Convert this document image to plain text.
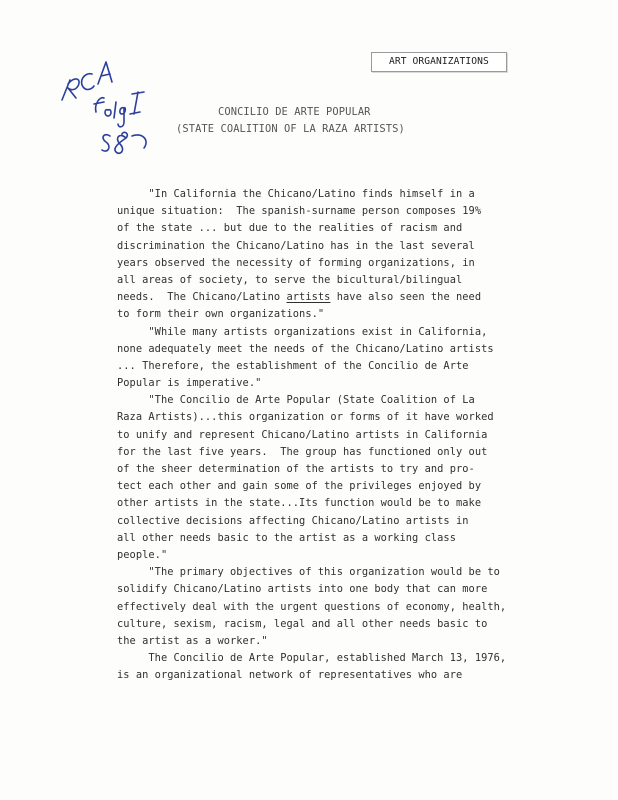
ART ORGANIZATIONS
CONCILIO DE ARTE POPULAR
(STATE COALITION OF LA RAZA ARTISTS)
"In California the Chicano/Latino finds himself in a
unique situation:  The spanish-surname person composes 19%
of the state ... but due to the realities of racism and
discrimination the Chicano/Latino has in the last several
years observed the necessity of forming organizations, in
all areas of society, to serve the bicultural/bilingual
needs.  The Chicano/Latino artists have also seen the need
to form their own organizations."
"While many artists organizations exist in California,
none adequately meet the needs of the Chicano/Latino artists
... Therefore, the establishment of the Concilio de Arte
Popular is imperative."
"The Concilio de Arte Popular (State Coalition of La
Raza Artists)...this organization or forms of it have worked
to unify and represent Chicano/Latino artists in California
for the last five years.  The group has functioned only out
of the sheer determination of the artists to try and pro-
tect each other and gain some of the privileges enjoyed by
other artists in the state...Its function would be to make
collective decisions affecting Chicano/Latino artists in
all other needs basic to the artist as a working class
people."
"The primary objectives of this organization would be to
solidify Chicano/Latino artists into one body that can more
effectively deal with the urgent questions of economy, health,
culture, sexism, racism, legal and all other needs basic to
the artist as a worker."
The Concilio de Arte Popular, established March 13, 1976,
is an organizational network of representatives who are
